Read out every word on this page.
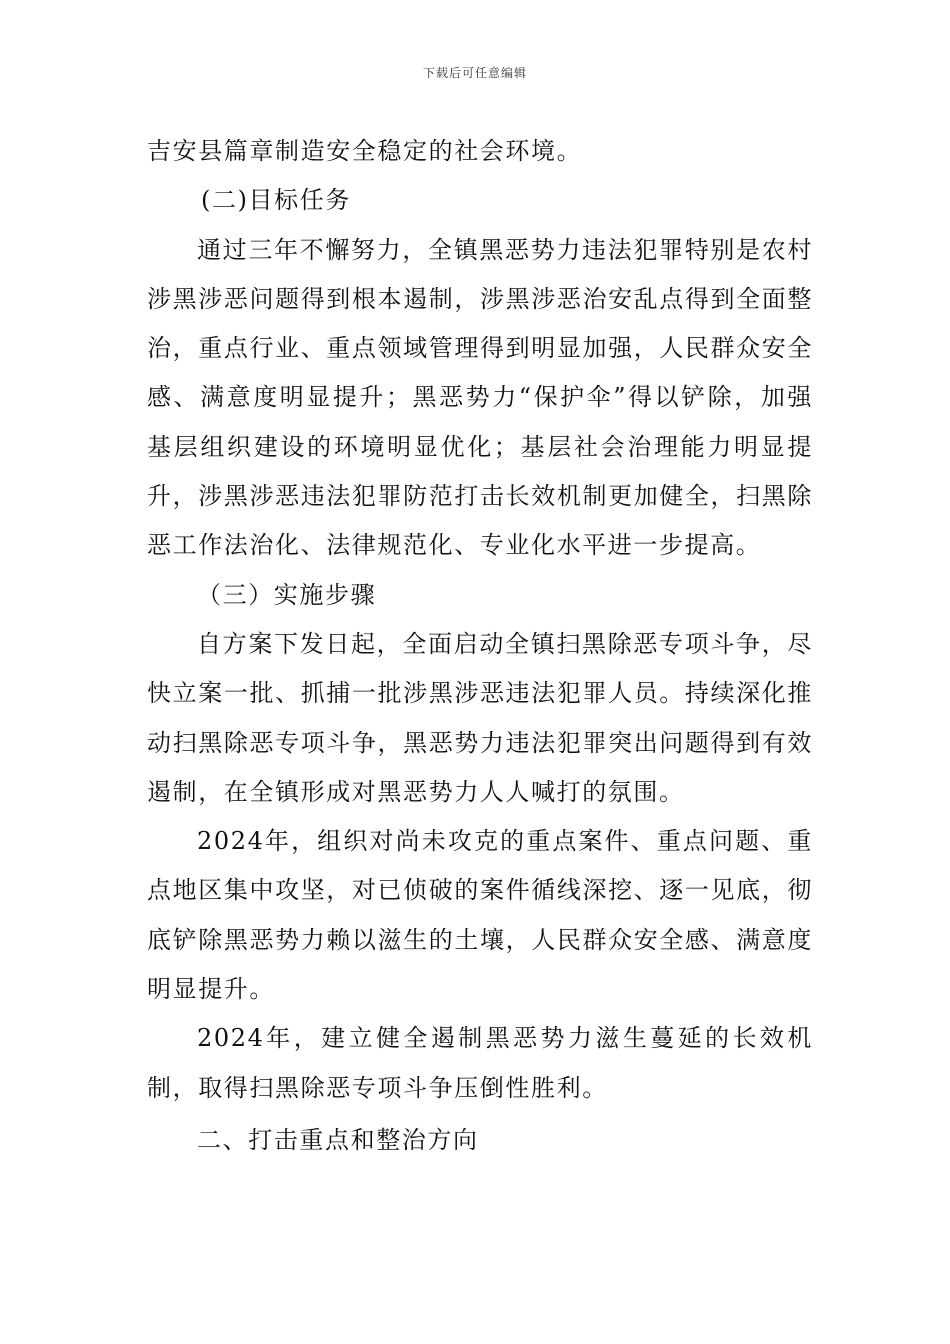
下载后可任意编辑

吉安县篇章制造安全稳定的社会环境。

(二)目标任务

通过三年不懈努力，全镇黑恶势力违法犯罪特别是农村涉黑涉恶问题得到根本遏制，涉黑涉恶治安乱点得到全面整治，重点行业、重点领域管理得到明显加强，人民群众安全感、满意度明显提升；黑恶势力“保护伞”得以铲除，加强基层组织建设的环境明显优化；基层社会治理能力明显提升，涉黑涉恶违法犯罪防范打击长效机制更加健全，扫黑除恶工作法治化、法律规范化、专业化水平进一步提高。

（三）实施步骤

自方案下发日起，全面启动全镇扫黑除恶专项斗争，尽快立案一批、抓捕一批涉黑涉恶违法犯罪人员。持续深化推动扫黑除恶专项斗争，黑恶势力违法犯罪突出问题得到有效遏制，在全镇形成对黑恶势力人人喊打的氛围。

2024年，组织对尚未攻克的重点案件、重点问题、重点地区集中攻坚，对已侦破的案件循线深挖、逐一见底，彻底铲除黑恶势力赖以滋生的土壤，人民群众安全感、满意度明显提升。

2024年，建立健全遏制黑恶势力滋生蔓延的长效机制，取得扫黑除恶专项斗争压倒性胜利。

二、打击重点和整治方向
